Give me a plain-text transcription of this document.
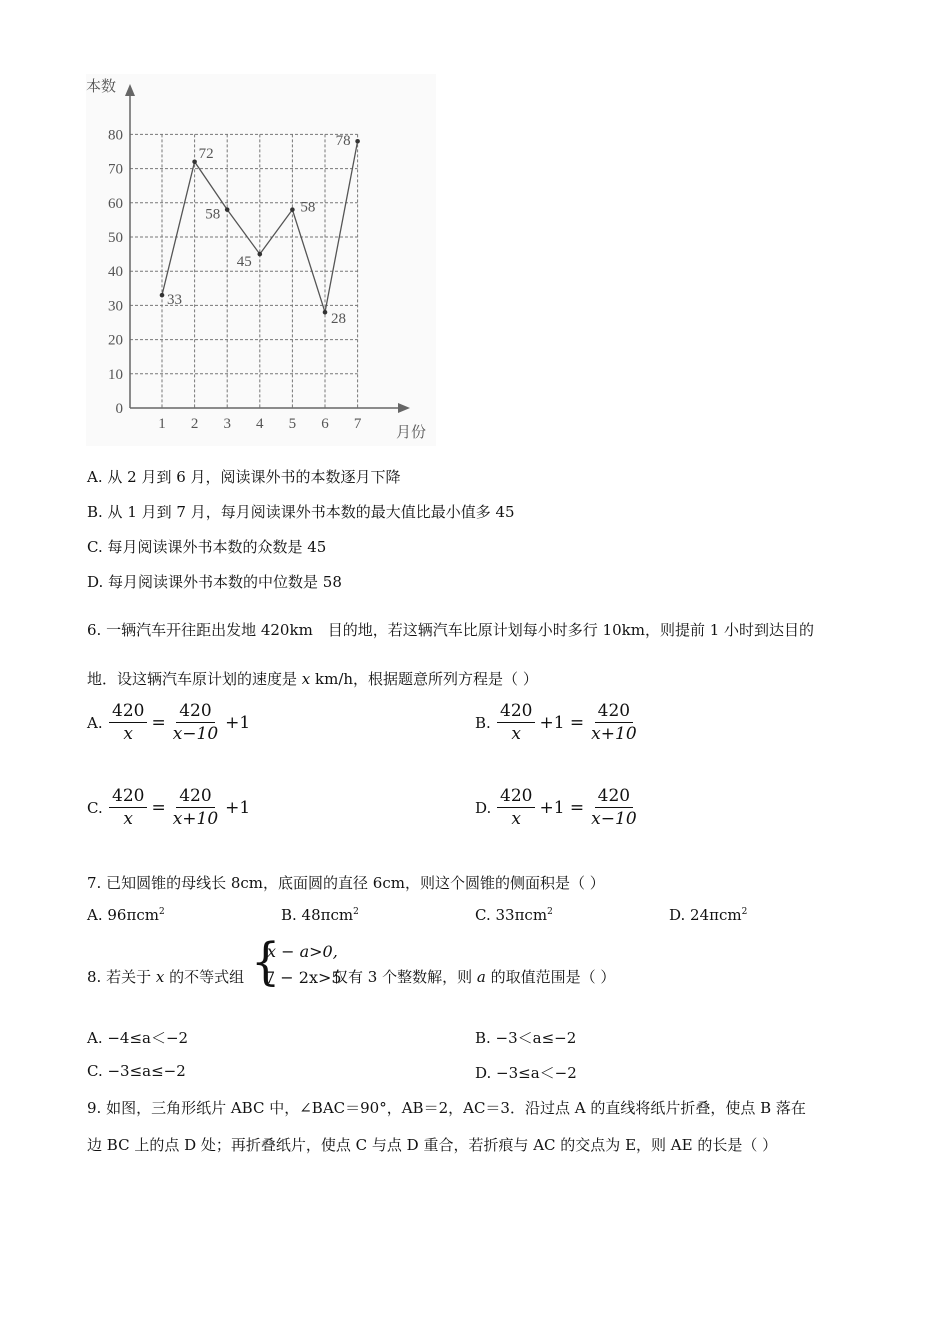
0
10
20
30
40
50
60
70
80
1 2 3 4 5 6 7
33
72
58
45
58
28
78
本数
月份
A. 从 2 月到 6 月，阅读课外书的本数逐月下降
B. 从 1 月到 7 月，每月阅读课外书本数的最大值比最小值多 45
C. 每月阅读课外书本数的众数是 45
D. 每月阅读课外书本数的中位数是 58
6. 一辆汽车开往距出发地 420km　目的地，若这辆汽车比原计划每小时多行 10km，则提前 1 小时到达目的
地．设这辆汽车原计划的速度是 x km/h，根据题意所列方程是（ ）
A. $\frac{420}{x} = \frac{420}{x-10} +1$	B. $\frac{420}{x} +1 = \frac{420}{x+10}$
C. $\frac{420}{x} = \frac{420}{x+10} +1$	D. $\frac{420}{x} +1 = \frac{420}{x-10}$
7. 已知圆锥的母线长 8cm，底面圆的直径 6cm，则这个圆锥的侧面积是（ ）
A. 96πcm$^2$	B. 48πcm$^2$	C. 33πcm$^2$	D. 24πcm$^2$
8. 若关于 x 的不等式组 {
x − a>0,
7 − 2x>5
仅有 3 个整数解，则 a 的取值范围是（ ）
A. −4≤a＜−2	B. −3＜a≤−2
C. −3≤a≤−2	D. −3≤a＜−2
9. 如图，三角形纸片 ABC 中，∠BAC＝90°，AB＝2，AC＝3．沿过点 A 的直线将纸片折叠，使点 B 落在
边 BC 上的点 D 处；再折叠纸片，使点 C 与点 D 重合，若折痕与 AC 的交点为 E，则 AE 的长是（ ）
